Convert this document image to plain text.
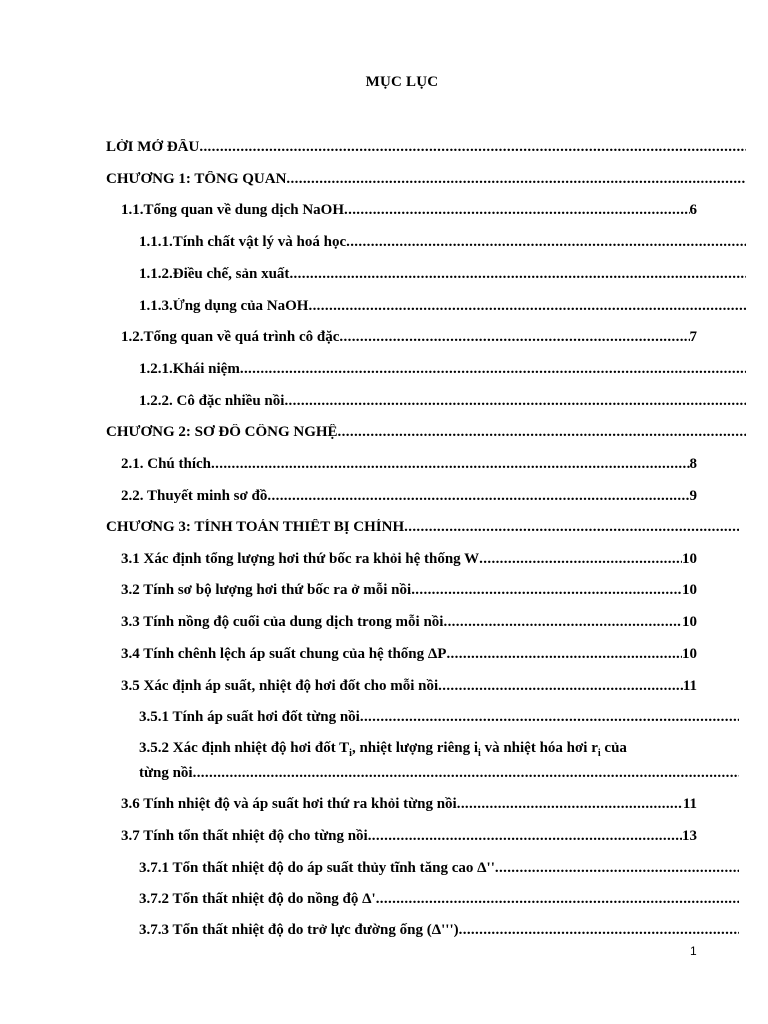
MỤC LỤC
LỜI MỞ ĐẦU
.....
CHƯƠNG 1: TỔNG QUAN
.....
1.1. Tổng quan về dung dịch NaOH .....	6
1.1.1. Tính chất vật lý và hoá học
.....
1.1.2. Điều chế, sản xuất
.....
1.1.3. Ứng dụng của NaOH
.....
1.2. Tổng quan về quá trình cô đặc .....	7
1.2.1. Khái niệm
.....
1.2.2. Cô đặc nhiều nồi
.....
CHƯƠNG 2: SƠ ĐỒ CÔNG NGHỆ
.....
2.1. Chú thích .....	8
2.2. Thuyết minh sơ đồ .....	9
CHƯƠNG 3: TÍNH TOÁN THIẾT BỊ CHÍNH
.....
3.1 Xác định tổng lượng hơi thứ bốc ra khỏi hệ thống W .....	10
3.2 Tính sơ bộ lượng hơi thứ bốc ra ở mỗi nồi .....	10
3.3 Tính nồng độ cuối của dung dịch trong mỗi nồi .....	10
3.4 Tính chênh lệch áp suất chung của hệ thống ΔP .....	10
3.5 Xác định áp suất, nhiệt độ hơi đốt cho mỗi nồi .....	11
3.5.1 Tính áp suất hơi đốt từng nồi
.....
3.5.2 Xác định nhiệt độ hơi đốt $T_i$, nhiệt lượng riêng $i_i$ và nhiệt hóa hơi $r_i$ của
từng nồi
.....
3.6 Tính nhiệt độ và áp suất hơi thứ ra khỏi từng nồi .....	11
3.7 Tính tổn thất nhiệt độ cho từng nồi .....	13
3.7.1 Tổn thất nhiệt độ do áp suất thủy tĩnh tăng cao Δ''
.....
3.7.2 Tổn thất nhiệt độ do nồng độ Δ'
.....
3.7.3 Tổn thất nhiệt độ do trở lực đường ống (Δ''')
.....
1
